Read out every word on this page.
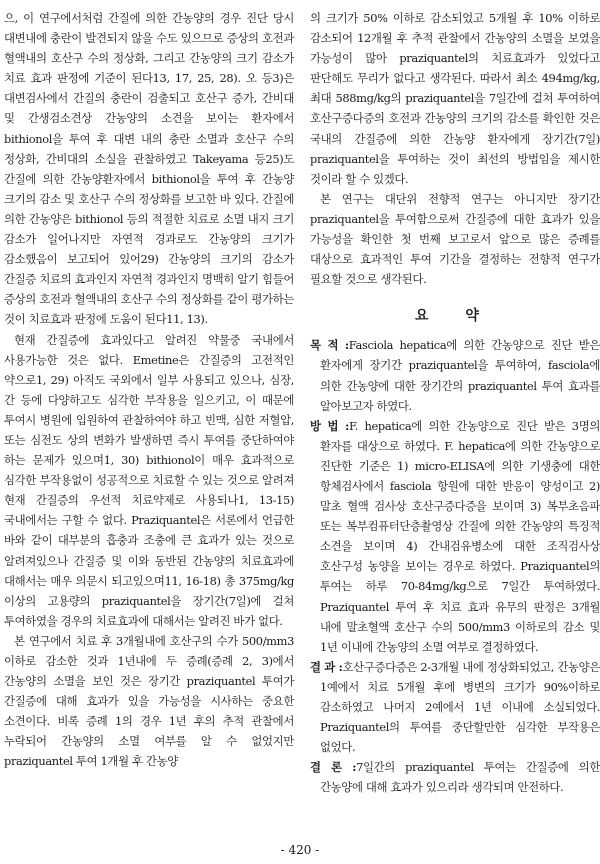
으, 이 연구에서처럼 간질에 의한 간농양의 경우 진단 당시 대변내에 충란이 발견되지 않을 수도 있으므로 증상의 호전과 혈액내의 호산구 수의 정상화, 그리고 간농양의 크기 감소가 치료 효과 판정에 기준이 된다13, 17, 25, 28). 오 등3)은 대변검사에서 간질의 충란이 검출되고 호산구 증가, 간비대 및 간생검소견상 간농양의 소견을 보이는 환자에서 bithionol을 투여 후 대변 내의 충란 소멸과 호산구 수의 정상화, 간비대의 소실을 관찰하였고 Takeyama 등25)도 간질에 의한 간농양환자에서 bithionol을 투여 후 간농양 크기의 감소 및 호산구 수의 정상화를 보고한 바 있다. 간질에 의한 간농양은 bithionol 등의 적절한 치료로 소멸 내지 크기 감소가 일어나지만 자연적 경과로도 간농양의 크기가 감소했음이 보고되어 있어29) 간농양의 크기의 감소가 간질증 치료의 효과인지 자연적 경과인지 명백히 알기 힘들어 증상의 호전과 혈액내의 호산구 수의 정상화를 같이 평가하는 것이 치료효과 판정에 도움이 된다11, 13).

현재 간질증에 효과있다고 알려진 약물중 국내에서 사용가능한 것은 없다. Emetine은 간질증의 고전적인 약으로1, 29) 아직도 국외에서 일부 사용되고 있으나, 심장, 간 등에 다양하고도 심각한 부작용을 일으키고, 이 때문에 투여시 병원에 입원하여 관찰하여야 하고 빈맥, 심한 저혈압, 또는 심전도 상의 변화가 발생하면 즉시 투여를 중단하여야 하는 문제가 있으며1, 30) bithionol이 매우 효과적으로 심각한 부작용없이 성공적으로 치료할 수 있는 것으로 알려져 현재 간질증의 우선적 치료약제로 사용되나1, 13-15) 국내에서는 구할 수 없다. Praziquantel은 서론에서 언급한 바와 같이 대부분의 흡충과 조충에 큰 효과가 있는 것으로 알려져있으나 간질증 및 이와 동반된 간농양의 치료효과에 대해서는 매우 의문시 되고있으며11, 16-18) 총 375mg/kg 이상의 고용량의 praziquantel을 장기간(7일)에 걸쳐 투여하였을 경우의 치료효과에 대해서는 알려진 바가 없다.

본 연구에서 치료 후 3개월내에 호산구의 수가 500/mm3 이하로 감소한 것과 1년내에 두 증례(증례 2, 3)에서 간농양의 소멸을 보인 것은 장기간 praziquantel 투여가 간질증에 대해 효과가 있을 가능성을 시사하는 중요한 소견이다. 비록 증례 1의 경우 1년 후의 추적 관찰에서 누락되어 간농양의 소멸 여부를 알 수 없었지만 praziquantel 투여 1개월 후 간농양

의 크기가 50% 이하로 감소되었고 5개월 후 10% 이하로 감소되어 12개월 후 추적 관찰에서 간농양의 소멸을 보였을 가능성이 많아 praziquantel의 치료효과가 있었다고 판단해도 무리가 없다고 생각된다. 따라서 최소 494mg/kg, 최대 588mg/kg의 praziquantel을 7일간에 걸쳐 투여하여 호산구증다증의 호전과 간농양의 크기의 감소를 확인한 것은 국내의 간질증에 의한 간농양 환자에게 장기간(7일) praziquantel을 투여하는 것이 최선의 방법임을 제시한 것이라 할 수 있겠다.

본 연구는 대단위 전향적 연구는 아니지만 장기간 praziquantel을 투여함으로써 간질증에 대한 효과가 있을 가능성을 확인한 첫 번째 보고로서 앞으로 많은 증례를 대상으로 효과적인 투여 기간을 결정하는 전향적 연구가 필요할 것으로 생각된다.

요 약

목 적 :Fasciola hepatica에 의한 간농양으로 진단 받은 환자에게 장기간 praziquantel을 투여하여, fasciola에 의한 간농양에 대한 장기간의 praziquantel 투여 효과를 알아보고자 하였다.

방 법 :F. hepatica에 의한 간농양으로 진단 받은 3명의 환자를 대상으로 하였다. F. hepatica에 의한 간농양으로 진단한 기준은 1) micro-ELISA에 의한 기생충에 대한 항체검사에서 fasciola 항원에 대한 반응이 양성이고 2) 말초 혈액 검사상 호산구증다증을 보이며 3) 복부초음파 또는 복부컴퓨터단층촬영상 간질에 의한 간농양의 특징적 소견을 보이며 4) 간내검유병소에 대한 조직검사상 호산구성 농양을 보이는 경우로 하였다. Praziquantel의 투여는 하루 70-84mg/kg으로 7일간 투여하였다. Praziquantel 투여 후 치료 효과 유무의 판정은 3개월 내에 말초혈액 호산구 수의 500/mm3 이하로의 감소 및 1년 이내에 간농양의 소멸 여부로 결정하였다.

결 과 :호산구증다증은 2-3개월 내에 정상화되었고, 간농양은 1예에서 치료 5개월 후에 병변의 크기가 90%이하로 감소하였고 나머지 2예에서 1년 이내에 소실되었다. Praziquantel의 투여를 중단할만한 심각한 부작용은 없었다.

결 론 :7일간의 praziquantel 투여는 간질증에 의한 간농양에 대해 효과가 있으리라 생각되며 안전하다.

- 420 -
